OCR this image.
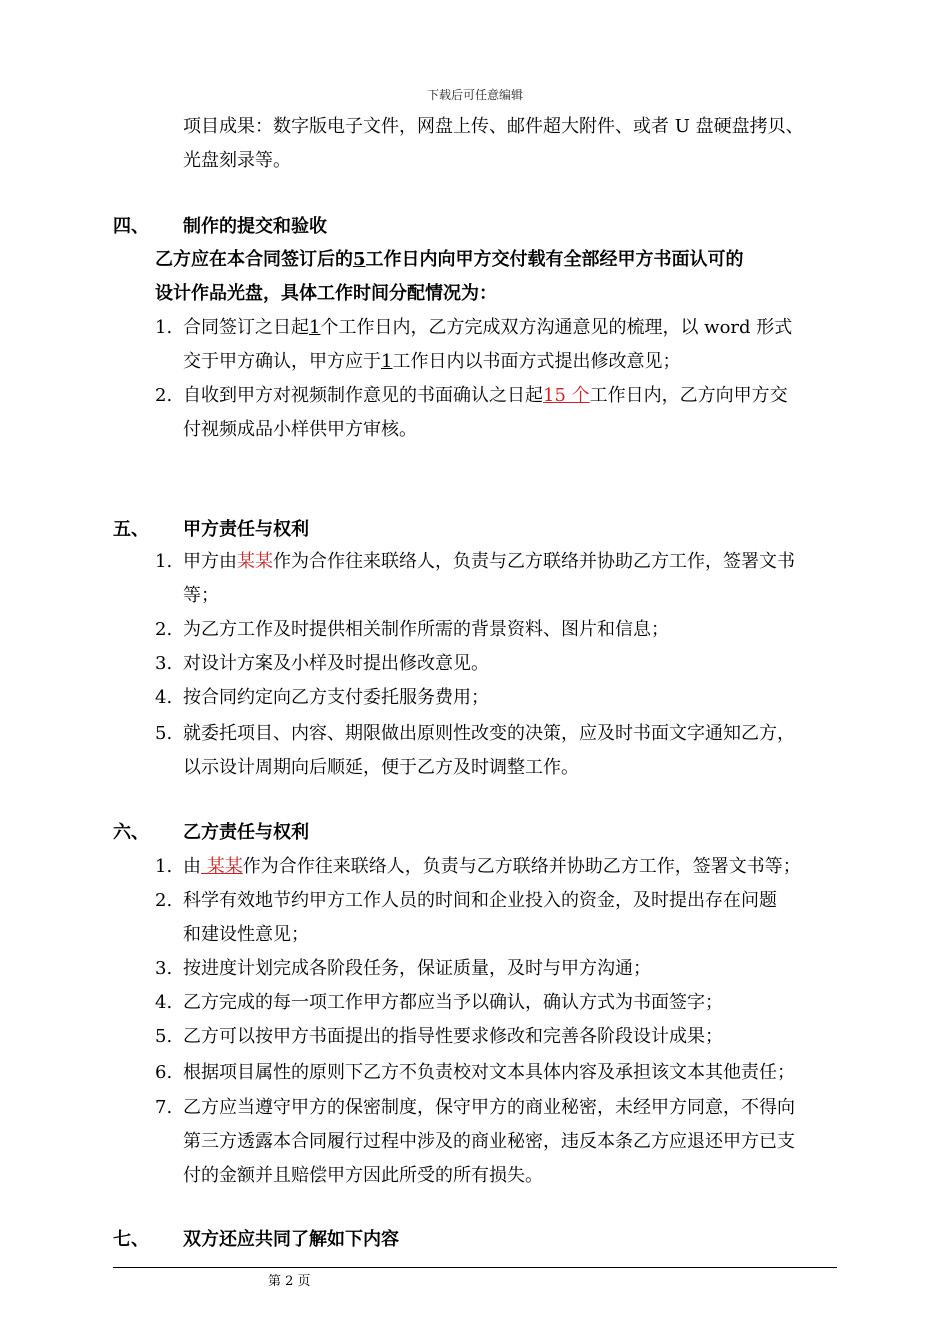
下载后可任意编辑
项目成果：数字版电子文件，网盘上传、邮件超大附件、或者 U 盘硬盘拷贝、
光盘刻录等。
四、 制作的提交和验收
乙方应在本合同签订后的5工作日内向甲方交付载有全部经甲方书面认可的
设计作品光盘，具体工作时间分配情况为：
1. 合同签订之日起1个工作日内，乙方完成双方沟通意见的梳理，以 word 形式
交于甲方确认，甲方应于1工作日内以书面方式提出修改意见；
2. 自收到甲方对视频制作意见的书面确认之日起15 个工作日内，乙方向甲方交
付视频成品小样供甲方审核。
五、 甲方责任与权利
1. 甲方由某某作为合作往来联络人，负责与乙方联络并协助乙方工作，签署文书
等；
2. 为乙方工作及时提供相关制作所需的背景资料、图片和信息；
3. 对设计方案及小样及时提出修改意见。
4. 按合同约定向乙方支付委托服务费用；
5. 就委托项目、内容、期限做出原则性改变的决策，应及时书面文字通知乙方，
以示设计周期向后顺延，便于乙方及时调整工作。
六、 乙方责任与权利
1. 由 某某作为合作往来联络人，负责与乙方联络并协助乙方工作，签署文书等；
2. 科学有效地节约甲方工作人员的时间和企业投入的资金，及时提出存在问题
和建设性意见；
3. 按进度计划完成各阶段任务，保证质量，及时与甲方沟通；
4. 乙方完成的每一项工作甲方都应当予以确认，确认方式为书面签字；
5. 乙方可以按甲方书面提出的指导性要求修改和完善各阶段设计成果；
6. 根据项目属性的原则下乙方不负责校对文本具体内容及承担该文本其他责任；
7. 乙方应当遵守甲方的保密制度，保守甲方的商业秘密，未经甲方同意，不得向
第三方透露本合同履行过程中涉及的商业秘密，违反本条乙方应退还甲方已支
付的金额并且赔偿甲方因此所受的所有损失。
七、 双方还应共同了解如下内容
第 2 页
